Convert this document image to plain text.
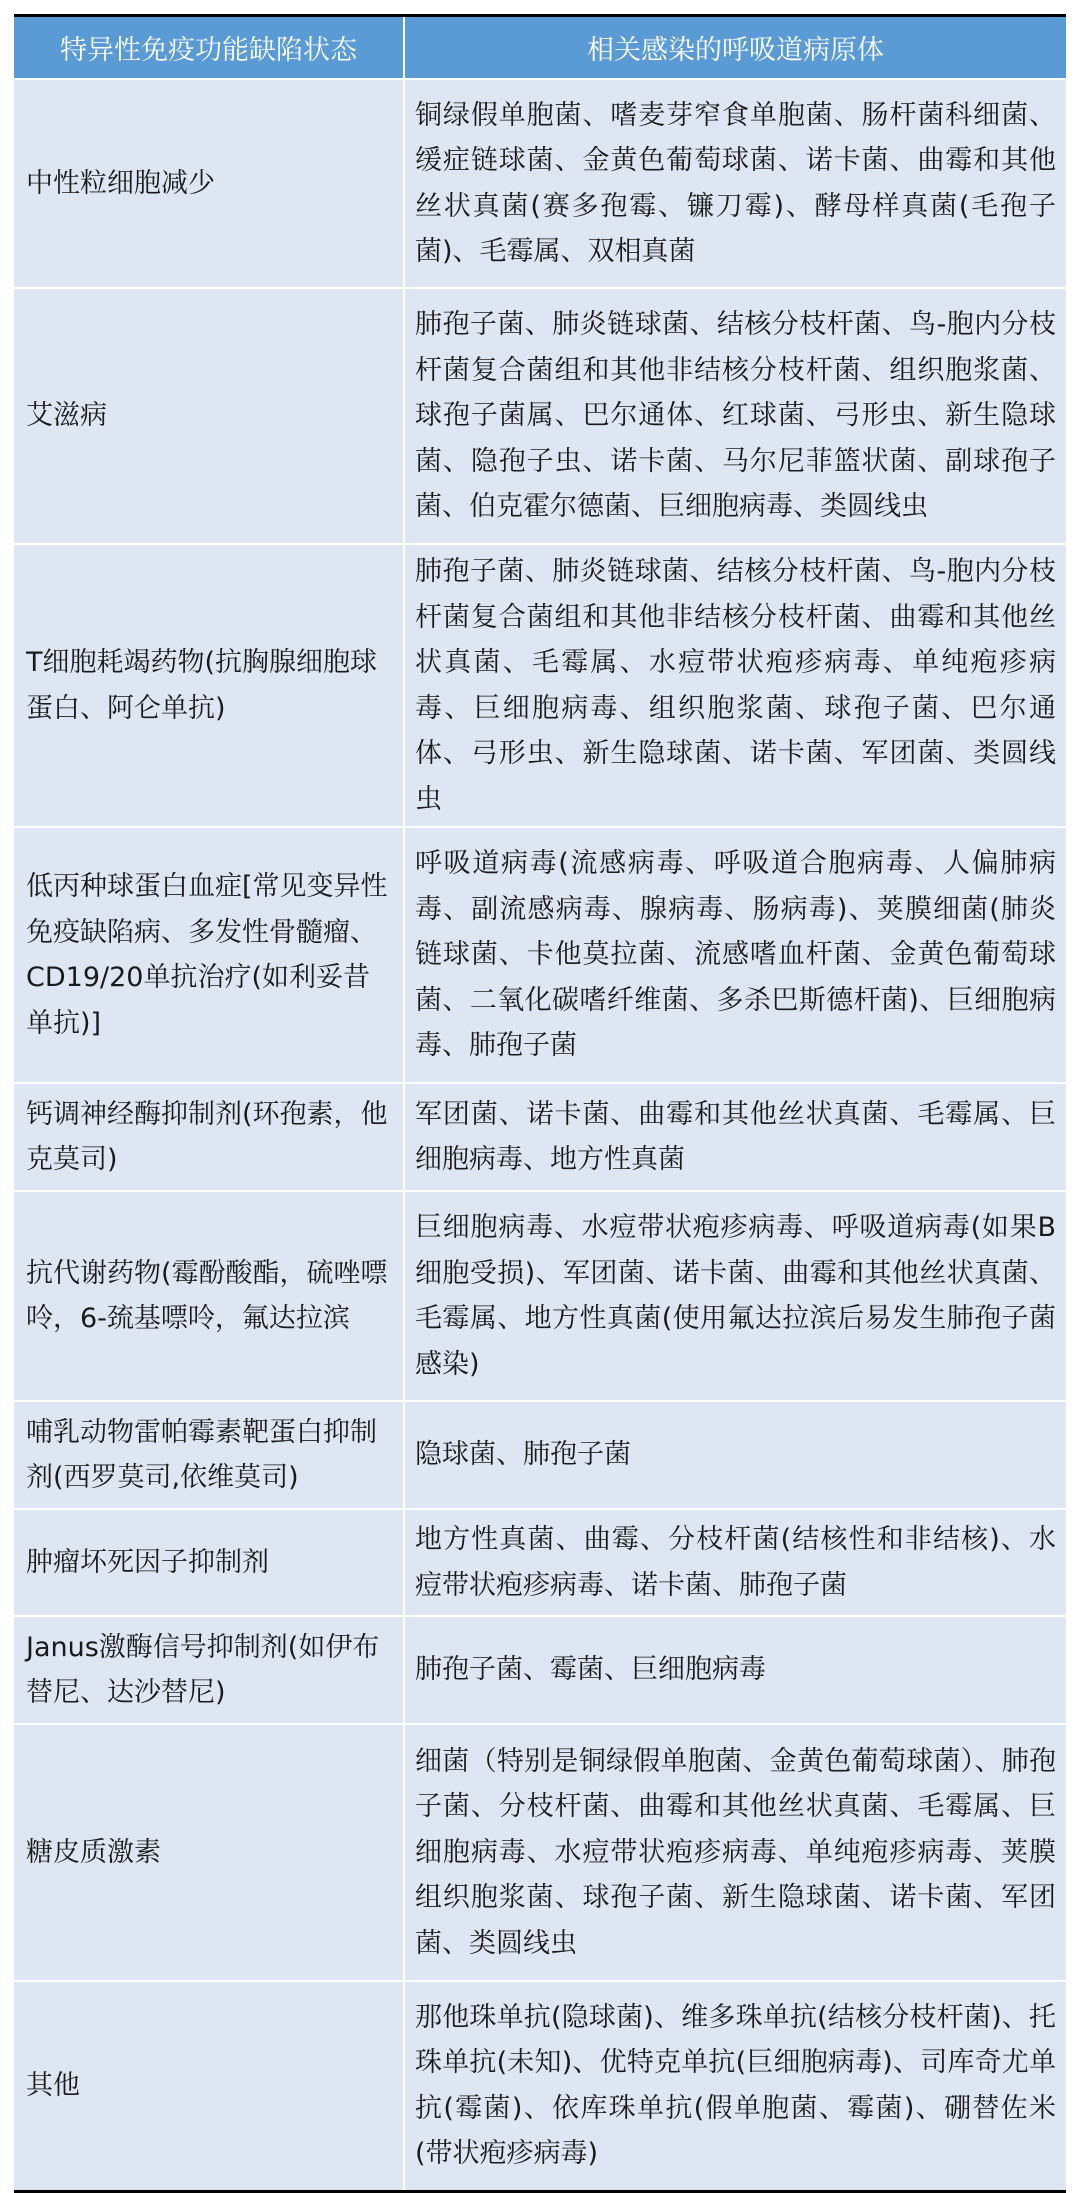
特异性免疫功能缺陷状态	相关感染的呼吸道病原体
中性粒细胞减少	铜绿假单胞菌、嗜麦芽窄食单胞菌、肠杆菌科细菌、缓症链球菌、金黄色葡萄球菌、诺卡菌、曲霉和其他丝状真菌(赛多孢霉、镰刀霉)、酵母样真菌(毛孢子菌)、毛霉属、双相真菌
艾滋病	肺孢子菌、肺炎链球菌、结核分枝杆菌、鸟-胞内分枝杆菌复合菌组和其他非结核分枝杆菌、组织胞浆菌、球孢子菌属、巴尔通体、红球菌、弓形虫、新生隐球菌、隐孢子虫、诺卡菌、马尔尼菲篮状菌、副球孢子菌、伯克霍尔德菌、巨细胞病毒、类圆线虫
T细胞耗竭药物(抗胸腺细胞球蛋白、阿仑单抗)	肺孢子菌、肺炎链球菌、结核分枝杆菌、鸟-胞内分枝杆菌复合菌组和其他非结核分枝杆菌、曲霉和其他丝状真菌、毛霉属、水痘带状疱疹病毒、单纯疱疹病毒、巨细胞病毒、组织胞浆菌、球孢子菌、巴尔通体、弓形虫、新生隐球菌、诺卡菌、军团菌、类圆线虫
低丙种球蛋白血症[常见变异性免疫缺陷病、多发性骨髓瘤、CD19/20单抗治疗(如利妥昔单抗)]	呼吸道病毒(流感病毒、呼吸道合胞病毒、人偏肺病毒、副流感病毒、腺病毒、肠病毒)、荚膜细菌(肺炎链球菌、卡他莫拉菌、流感嗜血杆菌、金黄色葡萄球菌、二氧化碳嗜纤维菌、多杀巴斯德杆菌)、巨细胞病毒、肺孢子菌
钙调神经酶抑制剂(环孢素，他克莫司)	军团菌、诺卡菌、曲霉和其他丝状真菌、毛霉属、巨细胞病毒、地方性真菌
抗代谢药物(霉酚酸酯，硫唑嘌呤，6-巯基嘌呤，氟达拉滨	巨细胞病毒、水痘带状疱疹病毒、呼吸道病毒(如果B细胞受损)、军团菌、诺卡菌、曲霉和其他丝状真菌、毛霉属、地方性真菌(使用氟达拉滨后易发生肺孢子菌感染)
哺乳动物雷帕霉素靶蛋白抑制剂(西罗莫司,依维莫司)	隐球菌、肺孢子菌
肿瘤坏死因子抑制剂	地方性真菌、曲霉、分枝杆菌(结核性和非结核)、水痘带状疱疹病毒、诺卡菌、肺孢子菌
Janus激酶信号抑制剂(如伊布替尼、达沙替尼)	肺孢子菌、霉菌、巨细胞病毒
糖皮质激素	细菌（特别是铜绿假单胞菌、金黄色葡萄球菌）、肺孢子菌、分枝杆菌、曲霉和其他丝状真菌、毛霉属、巨细胞病毒、水痘带状疱疹病毒、单纯疱疹病毒、荚膜组织胞浆菌、球孢子菌、新生隐球菌、诺卡菌、军团菌、类圆线虫
其他	那他珠单抗(隐球菌)、维多珠单抗(结核分枝杆菌)、托珠单抗(未知)、优特克单抗(巨细胞病毒)、司库奇尤单抗(霉菌)、依库珠单抗(假单胞菌、霉菌)、硼替佐米(带状疱疹病毒)
